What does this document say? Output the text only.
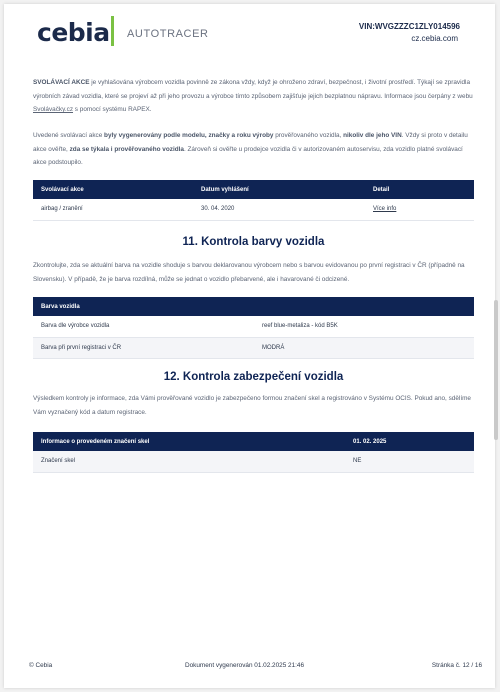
cebia AUTOTRACER
VIN:WVGZZZC1ZLY014596
cz.cebia.com

SVOLÁVACÍ AKCE je vyhlašována výrobcem vozidla povinně ze zákona vždy, když je ohroženo zdraví, bezpečnost, i životní prostředí. Týkají se zpravidla výrobních závad vozidla, které se projeví až při jeho provozu a výrobce tímto způsobem zajišťuje jejich bezplatnou nápravu. Informace jsou čerpány z webu Svolávačky.cz s pomocí systému RAPEX.

Uvedené svolávací akce byly vygenerovány podle modelu, značky a roku výroby prověřovaného vozidla, nikoliv dle jeho VIN. Vždy si proto v detailu akce ověřte, zda se týkala i prověřovaného vozidla. Zároveň si ověřte u prodejce vozidla či v autorizovaném autoservisu, zda vozidlo platné svolávací akce podstoupilo.

Svolávací akce	Datum vyhlášení	Detail
airbag / zranění	30. 04. 2020	Více info
11. Kontrola barvy vozidla

Zkontrolujte, zda se aktuální barva na vozidle shoduje s barvou deklarovanou výrobcem nebo s barvou evidovanou po první registraci v ČR (případně na Slovensku). V případě, že je barva rozdílná, může se jednat o vozidlo přebarvené, ale i havarované či odcizené.

Barva vozidla	
Barva dle výrobce vozidla	reef blue-metaliza - kód B5K
Barva při první registraci v ČR	MODRÁ
12. Kontrola zabezpečení vozidla

Výsledkem kontroly je informace, zda Vámi prověřované vozidlo je zabezpečeno formou značení skel a registrováno v Systému OCIS. Pokud ano, sdělíme Vám vyznačený kód a datum registrace.

Informace o provedeném značení skel	01. 02. 2025
Značení skel	NE
© Cebia	Dokument vygenerován 01.02.2025 21:46	Stránka č. 12 / 16
